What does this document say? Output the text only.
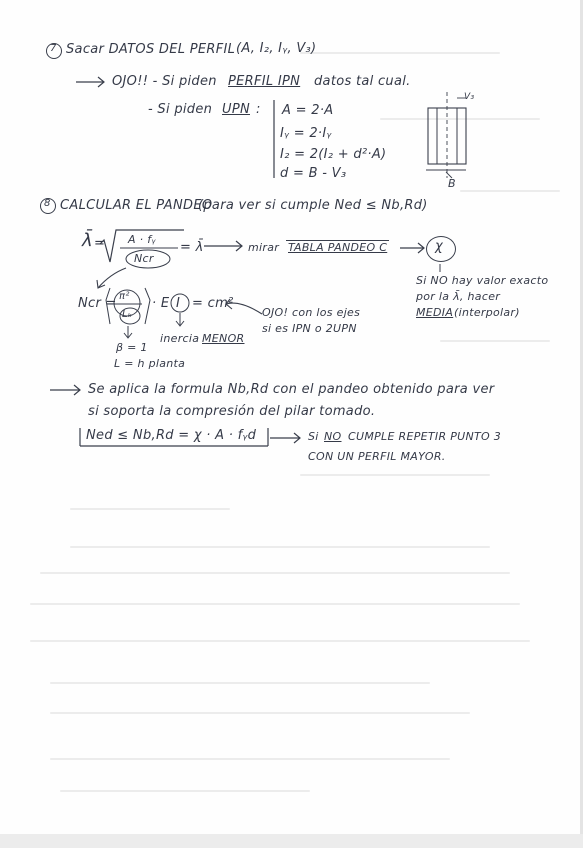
7 Sacar DATOS DEL PERFIL (A, I₂, Iᵧ, V₃)
OJO!! - Si piden PERFIL IPN datos tal cual.
- Si piden UPN : A = 2·A
Iᵧ = 2·Iᵧ
I₂ = 2(I₂ + d²·A)
d = B - V₃
V₃
B
8 CALCULAR EL PANDEO
(para ver si cumple Ned ≤ Nb,Rd)
λ̄ = A · fᵧ
Ncr
= λ̄	mirar TABLA PANDEO C	χ
Si NO hay valor exacto
por la λ̄, hacer
MEDIA (interpolar)
Ncr = π²
Lₖ
· E I = cm²
inercia MENOR
OJO! con los ejes
si es IPN o 2UPN
β = 1
L = h planta
Se aplica la formula Nb,Rd con el pandeo obtenido para ver
si soporta la compresión del pilar tomado.
Ned ≤ Nb,Rd = χ · A · fᵧd	Si NO CUMPLE REPETIR PUNTO 3
CON UN PERFIL MAYOR.
